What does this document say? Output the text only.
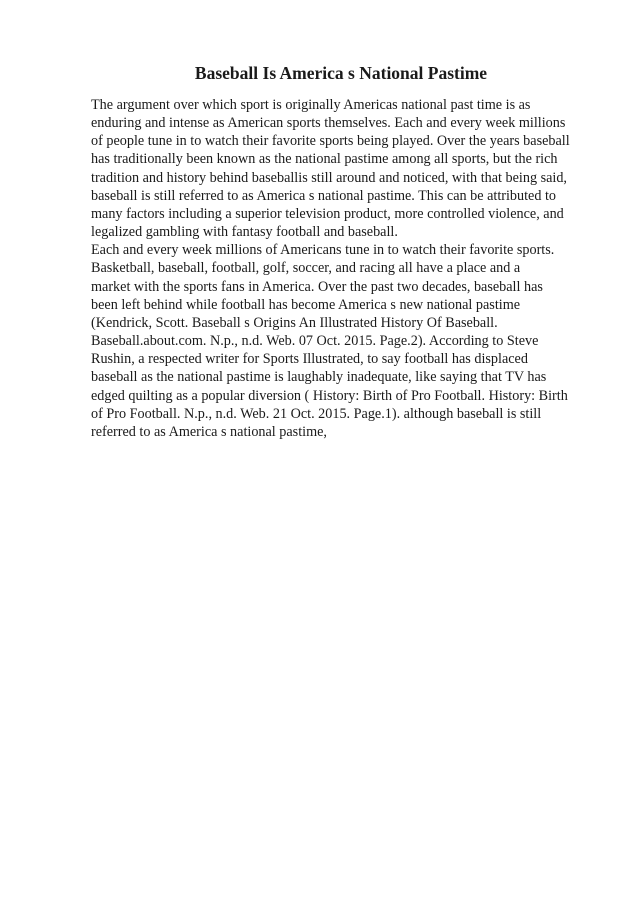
Baseball Is America s National Pastime
The argument over which sport is originally Americas national past time is as
enduring and intense as American sports themselves. Each and every week millions
of people tune in to watch their favorite sports being played. Over the years baseball
has traditionally been known as the national pastime among all sports, but the rich
tradition and history behind baseballis still around and noticed, with that being said,
baseball is still referred to as America s national pastime. This can be attributed to
many factors including a superior television product, more controlled violence, and
legalized gambling with fantasy football and baseball.
Each and every week millions of Americans tune in to watch their favorite sports.
Basketball, baseball, football, golf, soccer, and racing all have a place and a
market with the sports fans in America. Over the past two decades, baseball has
been left behind while football has become America s new national pastime
(Kendrick, Scott. Baseball s Origins An Illustrated History Of Baseball.
Baseball.about.com. N.p., n.d. Web. 07 Oct. 2015. Page.2). According to Steve
Rushin, a respected writer for Sports Illustrated, to say football has displaced
baseball as the national pastime is laughably inadequate, like saying that TV has
edged quilting as a popular diversion ( History: Birth of Pro Football. History: Birth
of Pro Football. N.p., n.d. Web. 21 Oct. 2015. Page.1). although baseball is still
referred to as America s national pastime,
